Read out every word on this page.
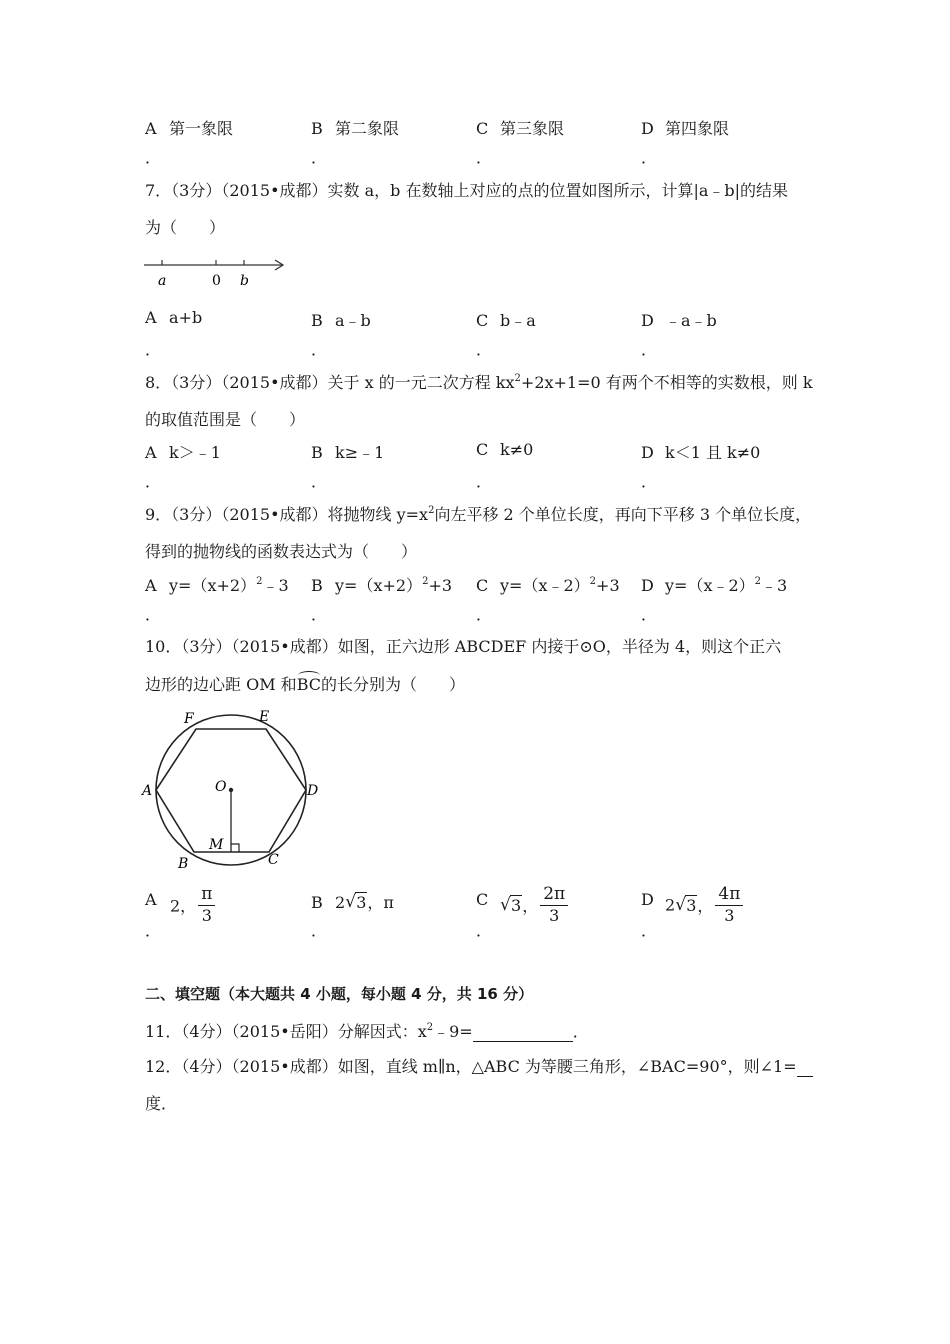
A 第一象限	B 第二象限	C 第三象限	D 第四象限
．	．	．	．
7．（3分）（2015•成都）实数 a，b 在数轴上对应的点的位置如图所示，计算|a﹣b|的结果
为（　　）
a	0 b
A a+b	B a﹣b	C b﹣a	D ﹣a﹣b
．	．	．	．
8．（3分）（2015•成都）关于 x 的一元二次方程 $kx^2+2x+1=0$ 有两个不相等的实数根，则 k
的取值范围是（　　）
A k＞﹣1	B k≥﹣1	C k≠0	D k＜1 且 k≠0
．	．	．	．
9．（3分）（2015•成都）将抛物线 $y=x^2$向左平移 2 个单位长度，再向下平移 3 个单位长度，
得到的抛物线的函数表达式为（　　）
A $y=(x+2)^2﹣3$ B $y=(x+2)^2+3$ C y=（x﹣2）$^2$+3 D y=（x﹣2）$^2$﹣3
．	．	．	．
10．（3分）（2015•成都）如图，正六边形 ABCDEF 内接于⊙O，半径为 4，则这个正六
边形的边心距 OM 和BC的长分别为（　　）
F	E
A	D
O
M
B	C
A 2， $\frac{\pi}{3}$	B 2 √ 3，π	C √ 3， $\frac{2\pi}{3}$	D 2 √ 3， $\frac{4\pi}{3}$
．	．	．	．
二、填空题（本大题共 4 小题，每小题 4 分，共 16 分）
11．（4分）（2015•岳阳）分解因式：$x^2﹣9=$	．
12．（4分）（2015•成都）如图，直线 m∥n，△ABC 为等腰三角形，∠BAC=90°，则∠1=
度．
